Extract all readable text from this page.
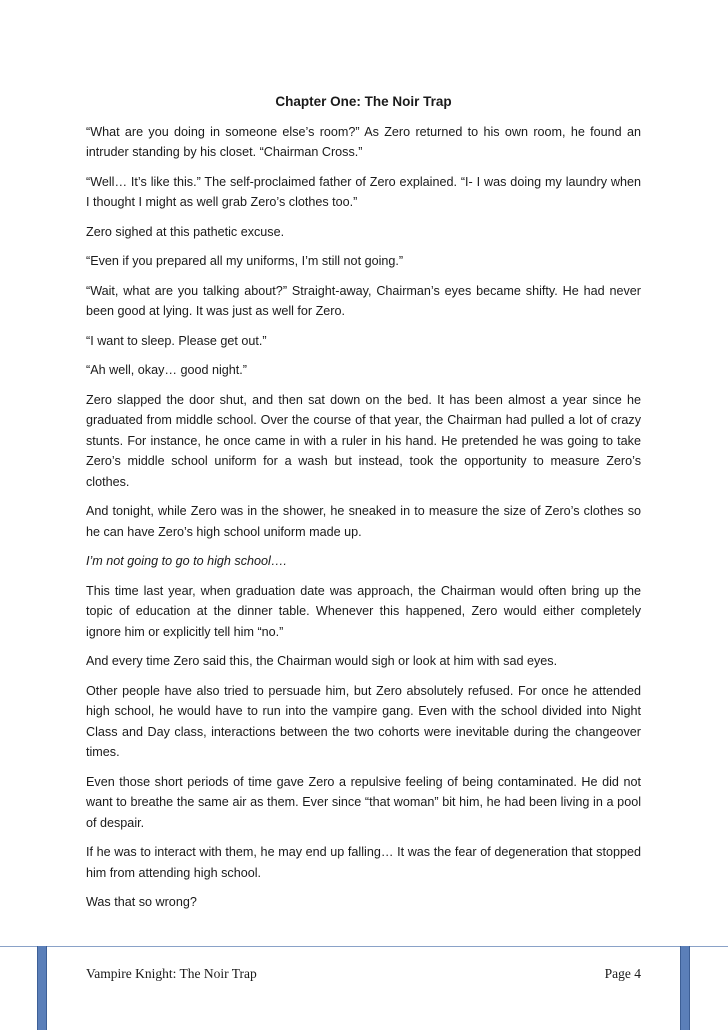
Chapter One: The Noir Trap

“What are you doing in someone else’s room?” As Zero returned to his own room, he found an intruder standing by his closet. “Chairman Cross.”

“Well… It’s like this.” The self-proclaimed father of Zero explained. “I- I was doing my laundry when I thought I might as well grab Zero’s clothes too.”

Zero sighed at this pathetic excuse.

“Even if you prepared all my uniforms, I’m still not going.”

“Wait, what are you talking about?” Straight-away, Chairman’s eyes became shifty. He had never been good at lying. It was just as well for Zero.

“I want to sleep. Please get out.”

“Ah well, okay… good night.”

Zero slapped the door shut, and then sat down on the bed. It has been almost a year since he graduated from middle school. Over the course of that year, the Chairman had pulled a lot of crazy stunts. For instance, he once came in with a ruler in his hand. He pretended he was going to take Zero’s middle school uniform for a wash but instead, took the opportunity to measure Zero’s clothes.

And tonight, while Zero was in the shower, he sneaked in to measure the size of Zero’s clothes so he can have Zero’s high school uniform made up.

I’m not going to go to high school….

This time last year, when graduation date was approach, the Chairman would often bring up the topic of education at the dinner table. Whenever this happened, Zero would either completely ignore him or explicitly tell him “no.”

And every time Zero said this, the Chairman would sigh or look at him with sad eyes.

Other people have also tried to persuade him, but Zero absolutely refused. For once he attended high school, he would have to run into the vampire gang. Even with the school divided into Night Class and Day class, interactions between the two cohorts were inevitable during the changeover times.

Even those short periods of time gave Zero a repulsive feeling of being contaminated. He did not want to breathe the same air as them. Ever since “that woman” bit him, he had been living in a pool of despair.

If he was to interact with them, he may end up falling… It was the fear of degeneration that stopped him from attending high school.

Was that so wrong?

Vampire Knight: The Noir Trap	Page 4
